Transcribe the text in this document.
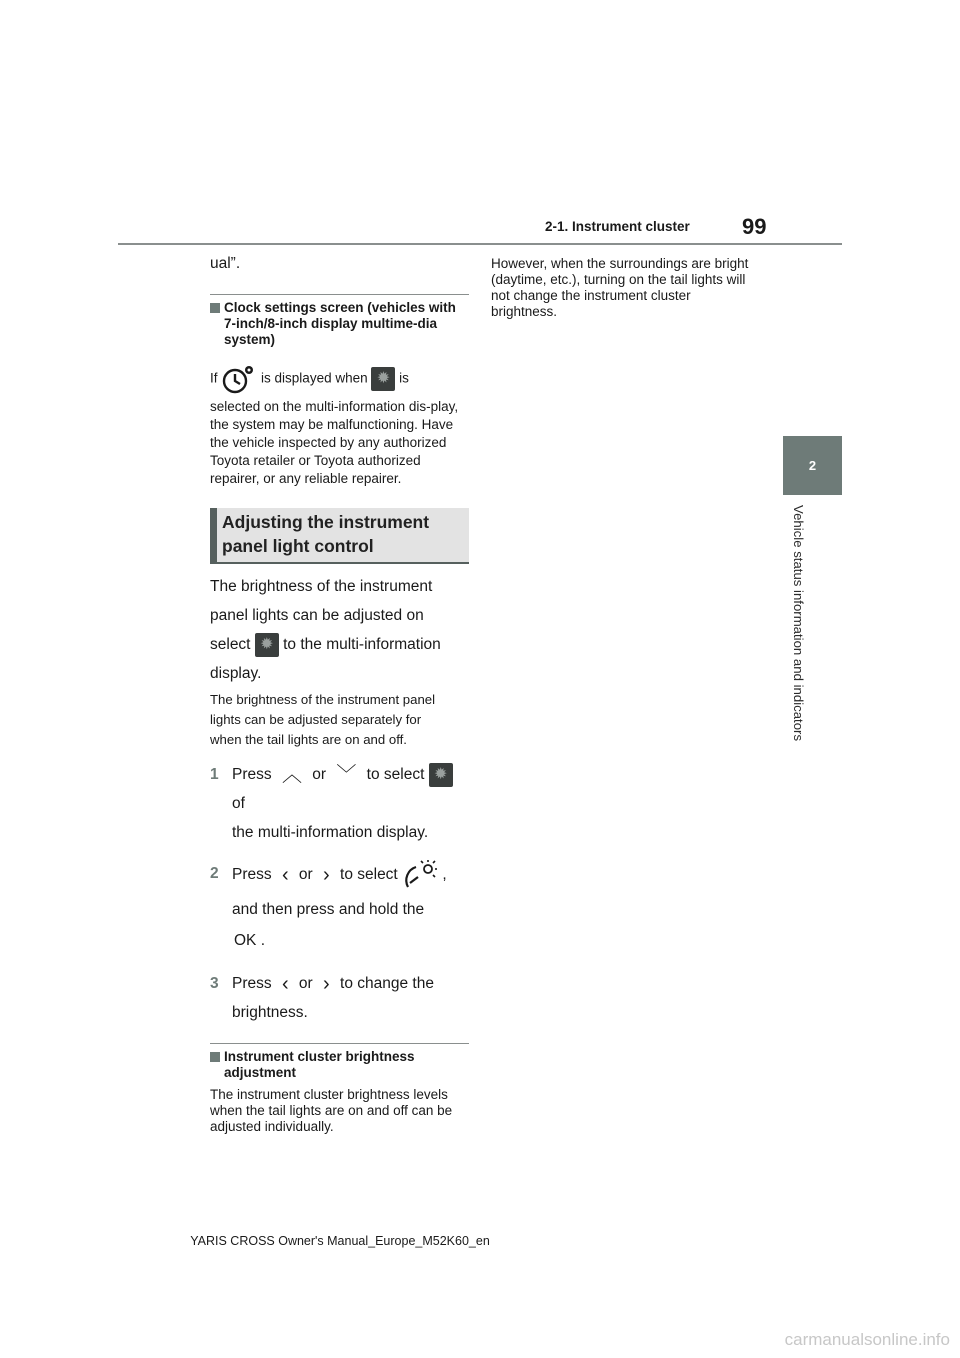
99
2-1. Instrument cluster
2
Vehicle status information and indicators

ual”.

Clock settings screen (vehicles with 7-inch/8-inch display multime-dia system)

If	is displayed when ✹ is

selected on the multi-information dis-play, the system may be malfunctioning. Have the vehicle inspected by any authorized Toyota retailer or Toyota authorized repairer, or any reliable repairer.

Adjusting the instrument
panel light control

The brightness of the instrument

panel lights can be adjusted on

select ✹ to the multi-information

display.

The brightness of the instrument panel

lights can be adjusted separately for

when the tail lights are on and off.

1 Press ︿ or ﹀ to select ✹ of

the multi-information display.

2 Press ‹ or › to select	,

and then press and hold the

OK .

3 Press ‹ or › to change the

brightness.

Instrument cluster brightness adjustment

The instrument cluster brightness levels when the tail lights are on and off can be adjusted individually.

However, when the surroundings are bright (daytime, etc.), turning on the tail lights will not change the instrument cluster brightness.

YARIS CROSS Owner's Manual_Europe_M52K60_en
carmanualsonline.info
